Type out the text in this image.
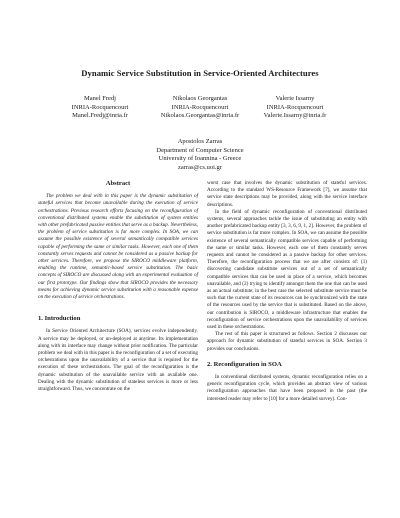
Dynamic Service Substitution in Service-Oriented Architectures
Manel Fredj
INRIA-Rocquencourt
Manel.Fredj@inria.fr
Nikolaos Georgantas
INRIA-Rocquencourt
Nikolaos.Georgantas@inria.fr
Valerie Issarny
INRIA-Rocquencourt
Valerie.Issarny@inria.fr
Apostolos Zarras
Department of Computer Science
University of Ioannina - Greece
zarras@cs.uoi.gr
Abstract

The problem we deal with in this paper is the dynamic substitution of stateful services that become unavailable during the execution of service orchestrations. Previous research efforts focusing on the reconfiguration of conventional distributed systems enable the substitution of system entities with other prefabricated passive entities that serve as a backup. Nevertheless, the problem of service substitution is far more complex. In SOA, we can assume the possible existence of several semantically compatible services capable of performing the same or similar tasks. However, each one of them constantly serves requests and cannot be considered as a passive backup for other services. Therefore, we propose the SIROCO middleware platform, enabling the runtime, semantic-based service substitution. The basic concepts of SIROCO are discussed along with an experimental evaluation of our first prototype. Our findings show that SIROCO provides the necessary means for achieving dynamic service substitution with a reasonable expense on the execution of service orchestrations.

1. Introduction

In Service Oriented Architecture (SOA), services evolve independently. A service may be deployed, or un-deployed at anytime. Its implementation along with its interface may change without prior notification. The particular problem we deal with in this paper is the reconfiguration of a set of executing orchestrations upon the unavailability of a service that is required for the execution of these orchestrations. The goal of the reconfiguration is the dynamic substitution of the unavailable service with an available one. Dealing with the dynamic substitution of stateless services is more or less straightforward. Thus, we concentrate on the

worst case that involves the dynamic substitution of stateful services. According to the standard WS-Resource Framework [7], we assume that service state descriptions may be provided, along with the service interface descriptions.

In the field of dynamic reconfiguration of conventional distributed systems, several approaches tackle the issue of substituting an entity with another prefabricated backup entity [3, 3, 6, 9, 1, 2]. However, the problem of service substitution is far more complex. In SOA, we can assume the possible existence of several semantically compatible services capable of performing the same or similar tasks. However, each one of them constantly serves requests and cannot be considered as a passive backup for other services. Therefore, the reconfiguration process that we are after consists of: (1) discovering candidate substitute services out of a set of semantically compatible services that can be used in place of a service, which becomes unavailable, and (2) trying to identify amongst them the one that can be used as an actual substitute; in the best case the selected substitute service must be such that the current state of its resources can be synchronized with the state of the resources used by the service that is substituted. Based on the above, our contribution is SIROCO, a middleware infrastructure that enables the reconfiguration of service orchestrations upon the unavailability of services used in these orchestrations.

The rest of this paper is structured as follows. Section 2 discusses our approach for dynamic substitution of stateful services in SOA. Section 3 provides our conclusions.

2. Reconfiguration in SOA

In conventional distributed systems, dynamic reconfiguration relies on a generic reconfiguration cycle, which provides an abstract view of various reconfiguration approaches that have been proposed in the past (the interested reader may refer to [10] for a more detailed survey). Con-
